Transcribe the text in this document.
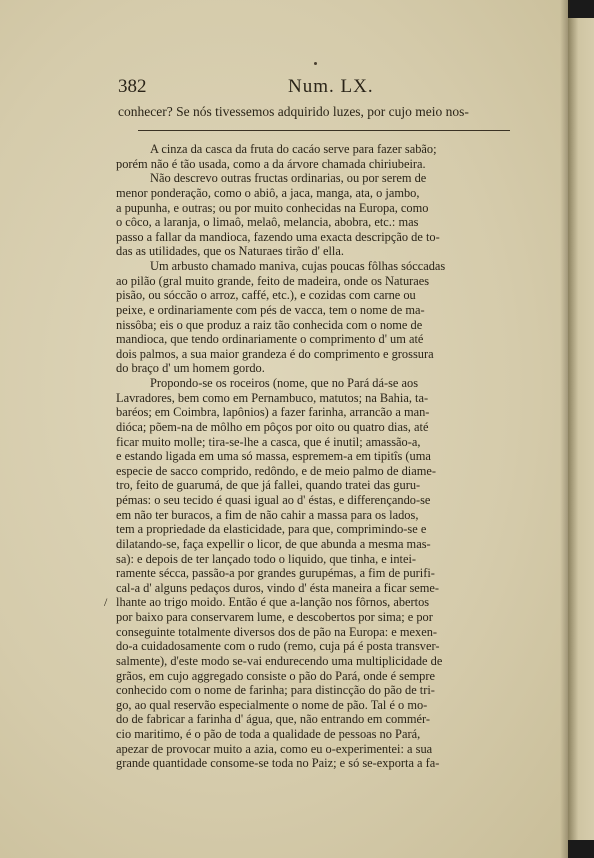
382	Num. LX.
conhecer? Se nós tivessemos adquirido luzes, por cujo meio nos-
A cinza da casca da fruta do cacáo serve para fazer sabão;
porém não é tão usada, como a da árvore chamada chiriubeira.
Não descrevo outras fructas ordinarias, ou por serem de
menor ponderação, como o abiô, a jaca, manga, ata, o jambo,
a pupunha, e outras; ou por muito conhecidas na Europa, como
o côco, a laranja, o limaô, melaô, melancia, abobra, etc.: mas
passo a fallar da mandioca, fazendo uma exacta descripção de to-
das as utilidades, que os Naturaes tirão d' ella.
Um arbusto chamado maniva, cujas poucas fôlhas sóccadas
ao pilão (gral muito grande, feito de madeira, onde os Naturaes
pisão, ou sóccão o arroz, caffé, etc.), e cozidas com carne ou
peixe, e ordinariamente com pés de vacca, tem o nome de ma-
nissôba; eis o que produz a raiz tão conhecida com o nome de
mandioca, que tendo ordinariamente o comprimento d' um até
dois palmos, a sua maior grandeza é do comprimento e grossura
do braço d' um homem gordo.
Propondo-se os roceiros (nome, que no Pará dá-se aos
Lavradores, bem como em Pernambuco, matutos; na Bahia, ta-
baréos; em Coimbra, lapônios) a fazer farinha, arrancão a man-
dióca; põem-na de môlho em pôços por oito ou quatro dias, até
ficar muito molle; tira-se-lhe a casca, que é inutil; amassão-a,
e estando ligada em uma só massa, espremem-a em tipitîs (uma
especie de sacco comprido, redôndo, e de meio palmo de diame-
tro, feito de guarumá, de que já fallei, quando tratei das guru-
pémas: o seu tecido é quasi igual ao d' éstas, e differençando-se
em não ter buracos, a fim de não cahir a massa para os lados,
tem a propriedade da elasticidade, para que, comprimindo-se e
dilatando-se, faça expellir o licor, de que abunda a mesma mas-
sa): e depois de ter lançado todo o liquido, que tinha, e intei-
ramente sécca, passão-a por grandes gurupémas, a fim de purifi-
cal-a d' alguns pedaços duros, vindo d' ésta maneira a ficar seme-
lhante ao trigo moido. Então é que a-lanção nos fôrnos, abertos
por baixo para conservarem lume, e descobertos por sima; e por
conseguinte totalmente diversos dos de pão na Europa: e mexen-
do-a cuidadosamente com o rudo (remo, cuja pá é posta transver-
salmente), d'este modo se-vai endurecendo uma multiplicidade de
grãos, em cujo aggregado consiste o pão do Pará, onde é sempre
conhecido com o nome de farinha; para distincção do pão de tri-
go, ao qual reservão especialmente o nome de pão. Tal é o mo-
do de fabricar a farinha d' água, que, não entrando em commér-
cio maritimo, é o pão de toda a qualidade de pessoas no Pará,
apezar de provocar muito a azia, como eu o-experimentei: a sua
grande quantidade consome-se toda no Paiz; e só se-exporta a fa-
/
